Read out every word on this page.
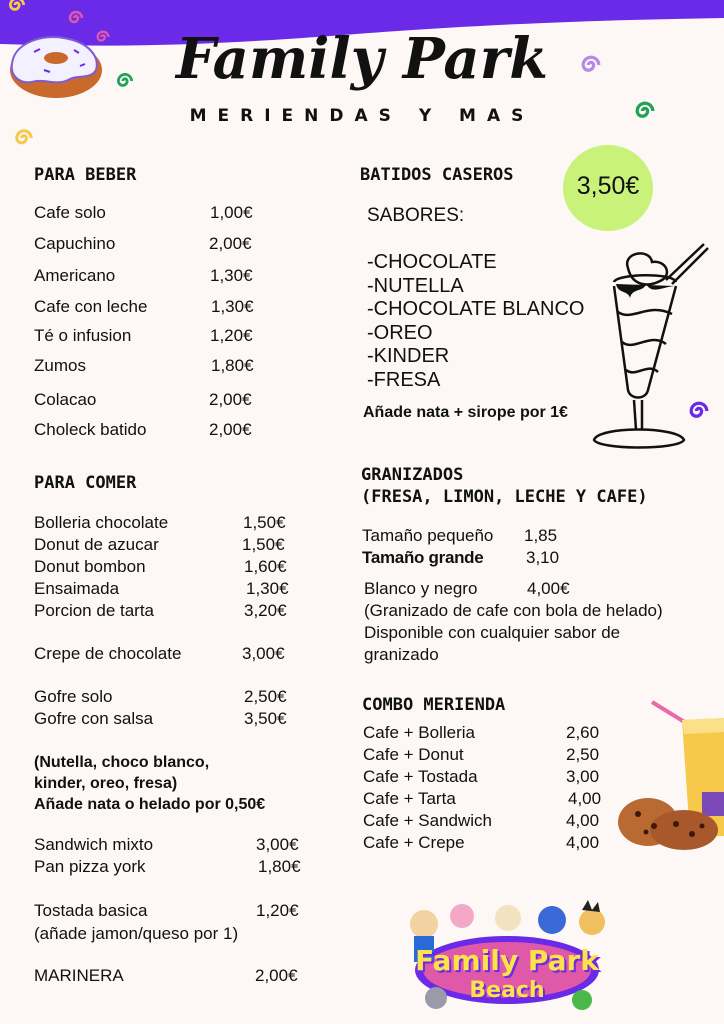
Family Park
MERIENDAS Y MAS
PARA BEBER
Cafe solo	1,00€
Capuchino	2,00€
Americano	1,30€
Cafe con leche	1,30€
Té o infusion	1,20€
Zumos	1,80€
Colacao	2,00€
Choleck batido	2,00€
PARA COMER
Bolleria chocolate	1,50€
Donut de azucar	1,50€
Donut bombon	1,60€
Ensaimada	1,30€
Porcion de tarta	3,20€
Crepe de chocolate	3,00€
Gofre solo	2,50€
Gofre con salsa	3,50€
(Nutella, choco blanco,
kinder, oreo, fresa)
Añade nata o helado por 0,50€
Sandwich mixto	3,00€
Pan pizza york	1,80€
Tostada basica	1,20€
(añade jamon/queso por 1)
MARINERA	2,00€
BATIDOS CASEROS	3,50€
SABORES:
-CHOCOLATE
-NUTELLA
-CHOCOLATE BLANCO
-OREO
-KINDER
-FRESA
Añade nata + sirope por 1€
GRANIZADOS
(FRESA, LIMON, LECHE Y CAFE)
Tamaño pequeño 1,85
Tamaño grande	3,10
Blanco y negro	4,00€
(Granizado de cafe con bola de helado)
Disponible con cualquier sabor de
granizado
COMBO MERIENDA
Cafe + Bolleria	2,60
Cafe + Donut	2,50
Cafe + Tostada	3,00
Cafe + Tarta	4,00
Cafe + Sandwich	4,00
Cafe + Crepe	4,00
Family Park
Beach
